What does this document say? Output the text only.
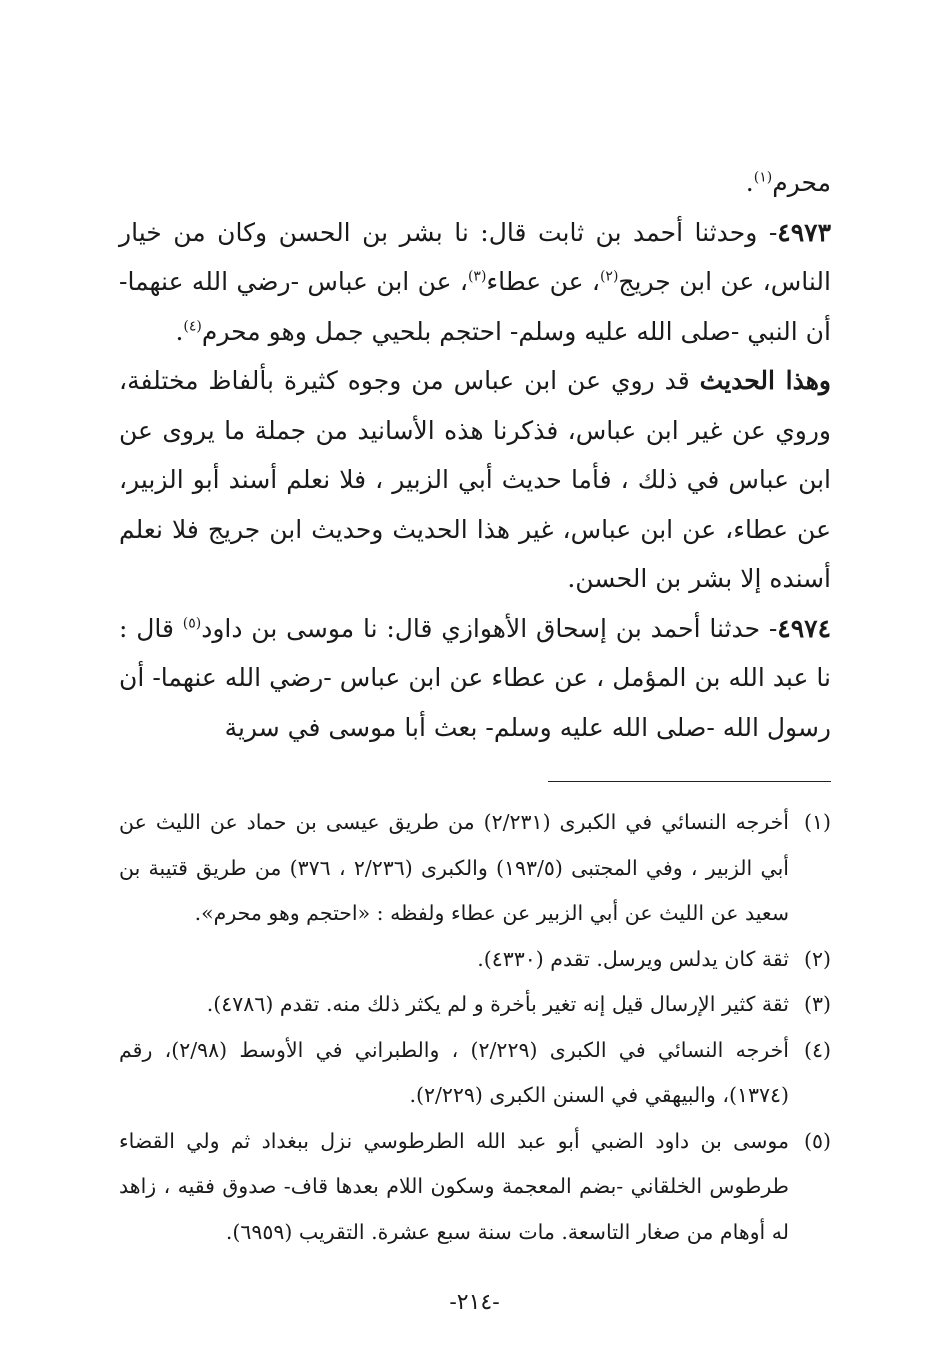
محرم$^{(١)}$.

٤٩٧٣- وحدثنا أحمد بن ثابت قال: نا بشر بن الحسن وكان من خيار الناس، عن ابن جريج$^{(٢)}$، عن عطاء$^{(٣)}$، عن ابن عباس -رضي الله عنهما- أن النبي -صلى الله عليه وسلم- احتجم بلحيي جمل وهو محرم$^{(٤)}$.

وهذا الحديث قد روي عن ابن عباس من وجوه كثيرة بألفاظ مختلفة، وروي عن غير ابن عباس، فذكرنا هذه الأسانيد من جملة ما يروى عن ابن عباس في ذلك ، فأما حديث أبي الزبير ، فلا نعلم أسند أبو الزبير، عن عطاء، عن ابن عباس، غير هذا الحديث وحديث ابن جريج فلا نعلم أسنده إلا بشر بن الحسن.

٤٩٧٤- حدثنا أحمد بن إسحاق الأهوازي قال: نا موسى بن داود$^{(٥)}$ قال : نا عبد الله بن المؤمل ، عن عطاء عن ابن عباس -رضي الله عنهما- أن رسول الله -صلى الله عليه وسلم- بعث أبا موسى في سرية

(١)
أخرجه النسائي في الكبرى (٢/٢٣١) من طريق عيسى بن حماد عن الليث عن أبي الزبير ، وفي المجتبى (١٩٣/٥) والكبرى (٢/٢٣٦ ، ٣٧٦) من طريق قتيبة بن سعيد عن الليث عن أبي الزبير عن عطاء ولفظه : «احتجم وهو محرم».

(٢)
ثقة كان يدلس ويرسل. تقدم (٤٣٣٠).

(٣)
ثقة كثير الإرسال قيل إنه تغير بأخرة و لم يكثر ذلك منه. تقدم (٤٧٨٦).

(٤)
أخرجه النسائي في الكبرى (٢/٢٢٩) ، والطبراني في الأوسط (٢/٩٨)، رقم (١٣٧٤)، والبيهقي في السنن الكبرى (٢/٢٢٩).

(٥)
موسى بن داود الضبي أبو عبد الله الطرطوسي نزل ببغداد ثم ولي القضاء طرطوس الخلقاني -بضم المعجمة وسكون اللام بعدها قاف- صدوق فقيه ، زاهد له أوهام من صغار التاسعة. مات سنة سبع عشرة. التقريب (٦٩٥٩).

-٢١٤-
